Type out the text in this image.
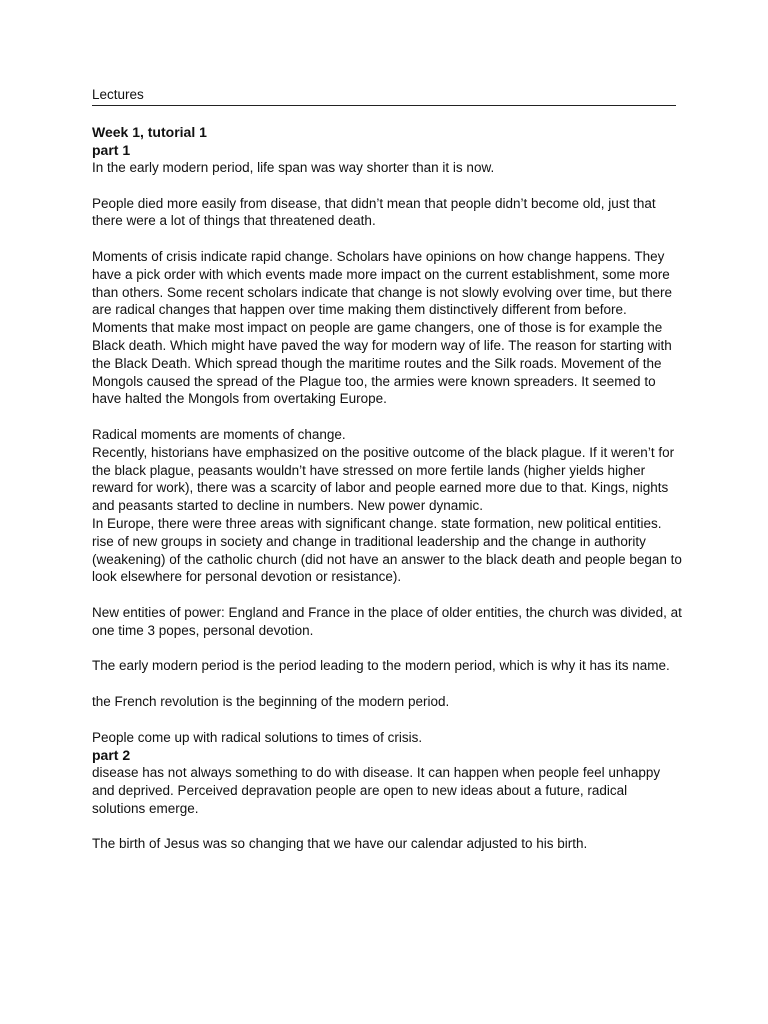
Lectures
Week 1, tutorial 1
part 1

In the early modern period, life span was way shorter than it is now.

People died more easily from disease, that didn’t mean that people didn’t become old, just that there were a lot of things that threatened death.

Moments of crisis indicate rapid change. Scholars have opinions on how change happens. They have a pick order with which events made more impact on the current establishment, some more than others. Some recent scholars indicate that change is not slowly evolving over time, but there are radical changes that happen over time making them distinctively different from before. Moments that make most impact on people are game changers, one of those is for example the Black death. Which might have paved the way for modern way of life. The reason for starting with the Black Death. Which spread though the maritime routes and the Silk roads. Movement of the Mongols caused the spread of the Plague too, the armies were known spreaders. It seemed to have halted the Mongols from overtaking Europe.

Radical moments are moments of change.

Recently, historians have emphasized on the positive outcome of the black plague. If it weren’t for the black plague, peasants wouldn’t have stressed on more fertile lands (higher yields higher reward for work), there was a scarcity of labor and people earned more due to that. Kings, nights and peasants started to decline in numbers. New power dynamic.

In Europe, there were three areas with significant change. state formation, new political entities. rise of new groups in society and change in traditional leadership and the change in authority (weakening) of the catholic church (did not have an answer to the black death and people began to look elsewhere for personal devotion or resistance).

New entities of power: England and France in the place of older entities, the church was divided, at one time 3 popes, personal devotion.

The early modern period is the period leading to the modern period, which is why it has its name.

the French revolution is the beginning of the modern period.

People come up with radical solutions to times of crisis.

part 2

disease has not always something to do with disease. It can happen when people feel unhappy and deprived. Perceived depravation people are open to new ideas about a future, radical solutions emerge.

The birth of Jesus was so changing that we have our calendar adjusted to his birth.
